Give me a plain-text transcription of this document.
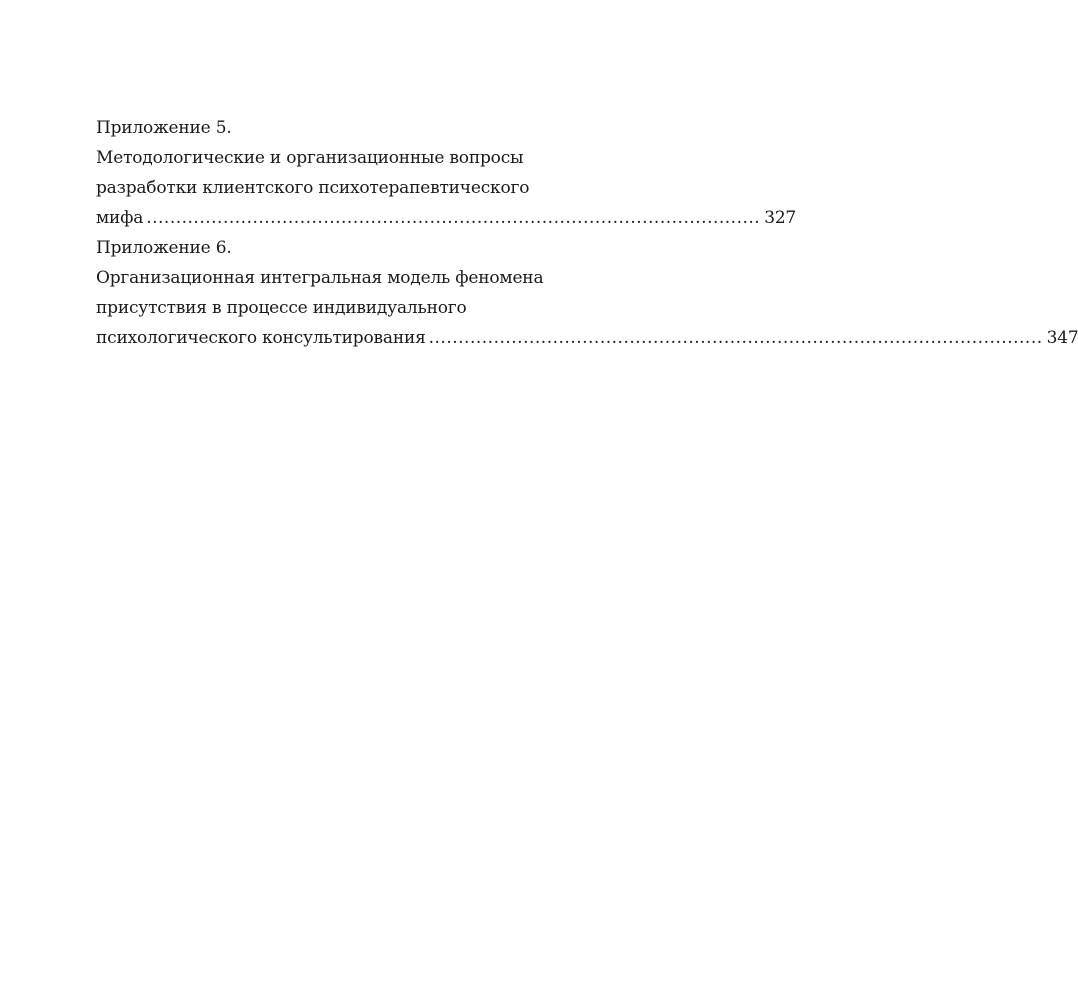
Приложение 5.
Методологические и организационные вопросы
разработки клиентского психотерапевтического
мифа ........................................................................................................ 327
Приложение 6.
Организационная интегральная модель феномена
присутствия в процессе индивидуального
психологического консультирования ........................................................................................................ 347
